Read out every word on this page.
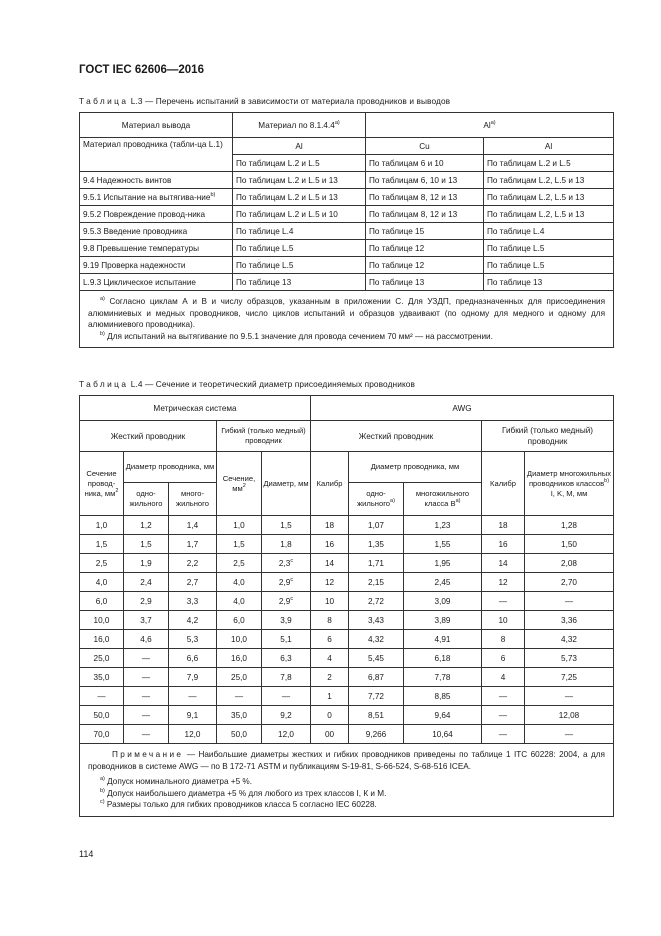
ГОСТ IEC 62606—2016
Таблица L.3 — Перечень испытаний в зависимости от материала проводников и выводов
Материал вывода	Материал по $8.1.4.4^{а)}$	$Al^{а)}$
Материал проводника (табли-ца L.1)	Al	Cu	Al
	По таблицам L.2 и L.5	По таблицам 6 и 10	По таблицам L.2 и L.5
9.4 Надежность винтов	По таблицам L.2 и L.5 и 13	По таблицам 6, 10 и 13	По таблицам L.2, L.5 и 13
9.5.1 Испытание на вытягива-ние$^{b)}$	По таблицам L.2 и L.5 и 13	По таблицам 8, 12 и 13	По таблицам L.2, L.5 и 13
9.5.2 Повреждение провод-ника	По таблицам L.2 и L.5 и 10	По таблицам 8, 12 и 13	По таблицам L.2, L.5 и 13
9.5.3 Введение проводника	По таблице L.4	По таблице 15	По таблице L.4
9.8 Превышение температуры	По таблице L.5	По таблице 12	По таблице L.5
9.19 Проверка надежности	По таблице L.5	По таблице 12	По таблице L.5
L.9.3 Циклическое испытание	По таблице 13	По таблице 13	По таблице 13

$^{а)}$ Согласно циклам А и В и числу образцов, указанным в приложении С. Для УЗДП, предназначенных для присоединения алюминиевых и медных проводников, число циклов испытаний и образцов удваивают (по одному для медного и одному для алюминиевого проводника).

$^{b)}$ Для испытаний на вытягивание по 9.5.1 значение для провода сечением 70 мм² — на рассмотрении.			

Таблица L.4 — Сечение и теоретический диаметр присоединяемых проводников
Метрическая система					AWG				
Жесткий проводник			Гибкий (только медный) проводник		Жесткий проводник			Гибкий (только медный) проводник	
Сечение провод-ника, $мм^2$	Диаметр проводника, мм		Сечение, $мм^2$	Диаметр, мм	Калибр	Диаметр проводника, мм		Калибр	Диаметр многожильных проводников классов$^{b)}$ I, K, M, мм
	одно-жильного	много-жильного				одно-жильного$^{а)}$	многожильного класса $В^{а)}$
1,0	1,2	1,4	1,0	1,5	18	1,07	1,23	18	1,28
1,5	1,5	1,7	1,5	1,8	16	1,35	1,55	16	1,50
2,5	1,9	2,2	2,5	2,3$^c$	14	1,71	1,95	14	2,08
4,0	2,4	2,7	4,0	2,9$^c$	12	2,15	2,45	12	2,70
6,0	2,9	3,3	4,0	2,9$^c$	10	2,72	3,09	—	—
10,0	3,7	4,2	6,0	3,9	8	3,43	3,89	10	3,36
16,0	4,6	5,3	10,0	5,1	6	4,32	4,91	8	4,32
25,0	—	6,6	16,0	6,3	4	5,45	6,18	6	5,73
35,0	—	7,9	25,0	7,8	2	6,87	7,78	4	7,25
—	—	—	—	—	1	7,72	8,85	—	—
50,0	—	9,1	35,0	9,2	0	8,51	9,64	—	12,08
70,0	—	12,0	50,0	12,0	00	9,266	10,64	—	—

Примечание — Наибольшие диаметры жестких и гибких проводников приведены по таблице 1 ITC 60228: 2004, а для проводников в системе AWG — по В 172-71 ASTM и публикациям S-19-81, S-66-524, S-68-516 ICEA.

$^{а)}$ Допуск номинального диаметра +5 %.

$^{b)}$ Допуск наибольшего диаметра +5 % для любого из трех классов I, К и М.

$^{c)}$ Размеры только для гибких проводников класса 5 согласно IEC 60228.									

114
